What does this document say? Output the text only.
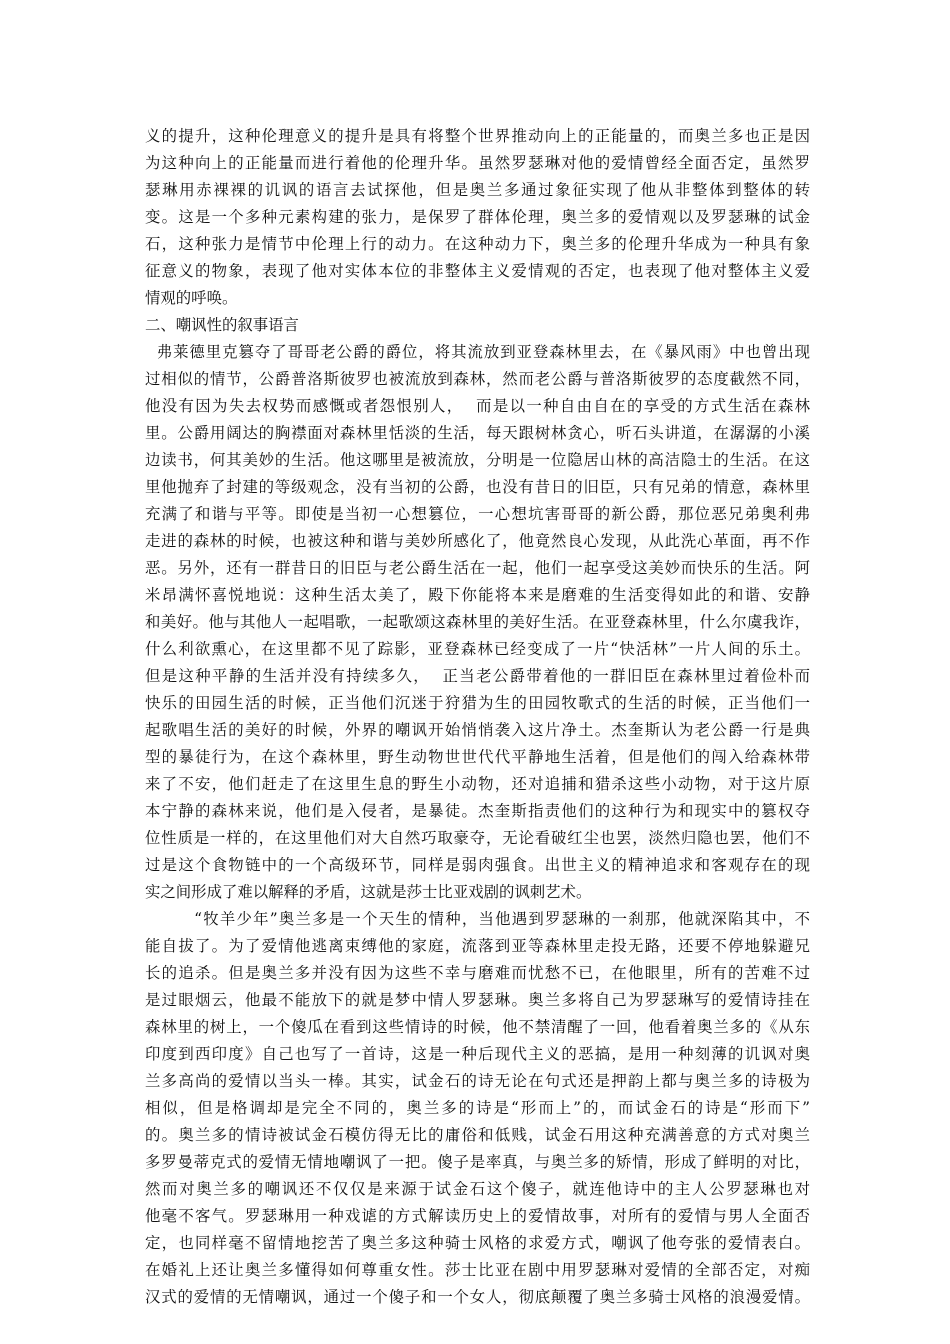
义的提升，这种伦理意义的提升是具有将整个世界推动向上的正能量的，而奥兰多也正是因
为这种向上的正能量而进行着他的伦理升华。虽然罗瑟琳对他的爱情曾经全面否定，虽然罗
瑟琳用赤裸裸的讥讽的语言去试探他，但是奥兰多通过象征实现了他从非整体到整体的转
变。这是一个多种元素构建的张力，是保罗了群体伦理，奥兰多的爱情观以及罗瑟琳的试金
石，这种张力是情节中伦理上行的动力。在这种动力下，奥兰多的伦理升华成为一种具有象
征意义的物象，表现了他对实体本位的非整体主义爱情观的否定，也表现了他对整体主义爱
情观的呼唤。
二、嘲讽性的叙事语言
弗莱德里克篡夺了哥哥老公爵的爵位，将其流放到亚登森林里去，在《暴风雨》中也曾出现
过相似的情节，公爵普洛斯彼罗也被流放到森林，然而老公爵与普洛斯彼罗的态度截然不同，
他没有因为失去权势而感慨或者怨恨别人，  而是以一种自由自在的享受的方式生活在森林
里。公爵用阔达的胸襟面对森林里恬淡的生活，每天跟树林贪心，听石头讲道，在潺潺的小溪
边读书，何其美妙的生活。他这哪里是被流放，分明是一位隐居山林的高洁隐士的生活。在这
里他抛弃了封建的等级观念，没有当初的公爵，也没有昔日的旧臣，只有兄弟的情意，森林里
充满了和谐与平等。即使是当初一心想篡位，一心想坑害哥哥的新公爵，那位恶兄弟奥利弗
走进的森林的时候，也被这种和谐与美妙所感化了，他竟然良心发现，从此洗心革面，再不作
恶。另外，还有一群昔日的旧臣与老公爵生活在一起，他们一起享受这美妙而快乐的生活。阿
米昂满怀喜悦地说：这种生活太美了，殿下你能将本来是磨难的生活变得如此的和谐、安静
和美好。他与其他人一起唱歌，一起歌颂这森林里的美好生活。在亚登森林里，什么尔虞我诈，
什么利欲熏心，在这里都不见了踪影，亚登森林已经变成了一片“快活林”一片人间的乐土。
但是这种平静的生活并没有持续多久，  正当老公爵带着他的一群旧臣在森林里过着俭朴而
快乐的田园生活的时候，正当他们沉迷于狩猎为生的田园牧歌式的生活的时候，正当他们一
起歌唱生活的美好的时候，外界的嘲讽开始悄悄袭入这片净土。杰奎斯认为老公爵一行是典
型的暴徒行为，在这个森林里，野生动物世世代代平静地生活着，但是他们的闯入给森林带
来了不安，他们赶走了在这里生息的野生小动物，还对追捕和猎杀这些小动物，对于这片原
本宁静的森林来说，他们是入侵者，是暴徒。杰奎斯指责他们的这种行为和现实中的篡权夺
位性质是一样的，在这里他们对大自然巧取豪夺，无论看破红尘也罢，淡然归隐也罢，他们不
过是这个食物链中的一个高级环节，同样是弱肉强食。出世主义的精神追求和客观存在的现
实之间形成了难以解释的矛盾，这就是莎士比亚戏剧的讽刺艺术。
“牧羊少年”奥兰多是一个天生的情种，当他遇到罗瑟琳的一刹那，他就深陷其中，不
能自拔了。为了爱情他逃离束缚他的家庭，流落到亚等森林里走投无路，还要不停地躲避兄
长的追杀。但是奥兰多并没有因为这些不幸与磨难而忧愁不已，在他眼里，所有的苦难不过
是过眼烟云，他最不能放下的就是梦中情人罗瑟琳。奥兰多将自己为罗瑟琳写的爱情诗挂在
森林里的树上，一个傻瓜在看到这些情诗的时候，他不禁清醒了一回，他看着奥兰多的《从东
印度到西印度》自己也写了一首诗，这是一种后现代主义的恶搞，是用一种刻薄的讥讽对奥
兰多高尚的爱情以当头一棒。其实，试金石的诗无论在句式还是押韵上都与奥兰多的诗极为
相似，但是格调却是完全不同的，奥兰多的诗是“形而上”的，而试金石的诗是“形而下”
的。奥兰多的情诗被试金石模仿得无比的庸俗和低贱，试金石用这种充满善意的方式对奥兰
多罗曼蒂克式的爱情无情地嘲讽了一把。傻子是率真，与奥兰多的矫情，形成了鲜明的对比，
然而对奥兰多的嘲讽还不仅仅是来源于试金石这个傻子，就连他诗中的主人公罗瑟琳也对
他毫不客气。罗瑟琳用一种戏谑的方式解读历史上的爱情故事，对所有的爱情与男人全面否
定，也同样毫不留情地挖苦了奥兰多这种骑士风格的求爱方式，嘲讽了他夸张的爱情表白。
在婚礼上还让奥兰多懂得如何尊重女性。莎士比亚在剧中用罗瑟琳对爱情的全部否定，对痴
汉式的爱情的无情嘲讽，通过一个傻子和一个女人，彻底颠覆了奥兰多骑士风格的浪漫爱情。
